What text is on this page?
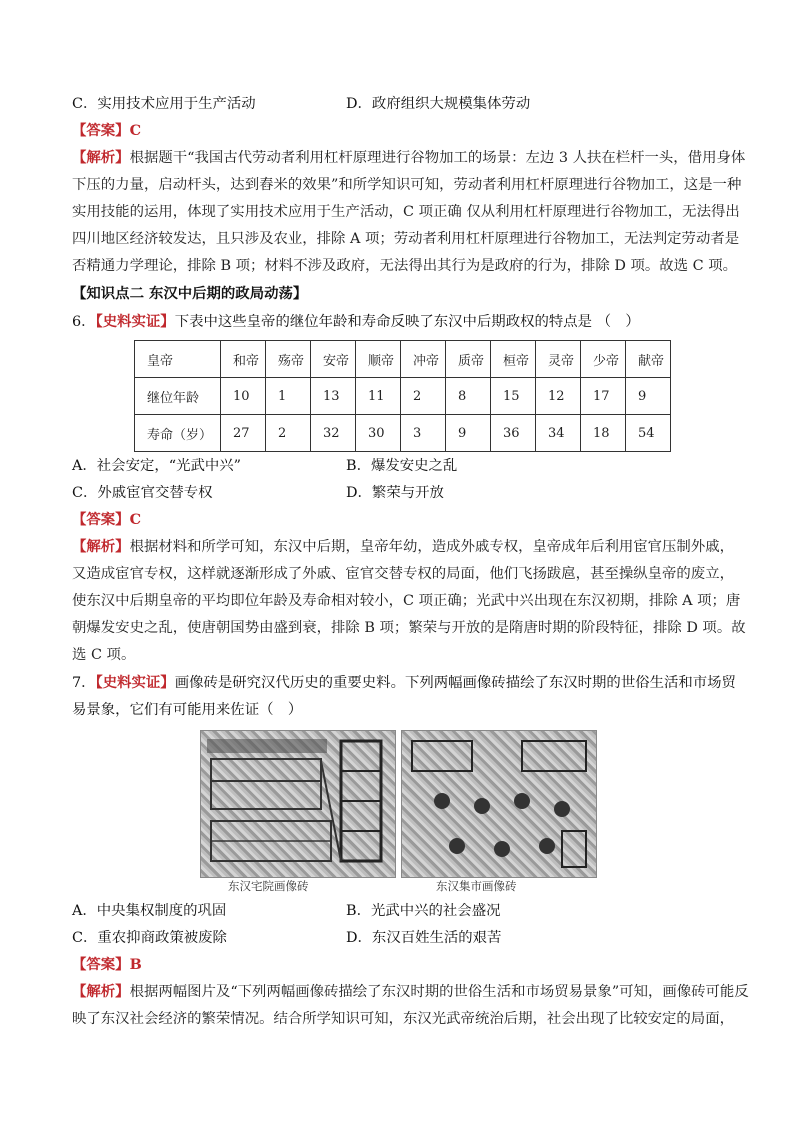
C．实用技术应用于生产活动	D．政府组织大规模集体劳动
【答案】C
【解析】根据题干“我国古代劳动者利用杠杆原理进行谷物加工的场景：左边 3 人扶在栏杆一头，借用身体
下压的力量，启动杆头，达到舂米的效果”和所学知识可知，劳动者利用杠杆原理进行谷物加工，这是一种
实用技能的运用，体现了实用技术应用于生产活动，C 项正确 仅从利用杠杆原理进行谷物加工，无法得出
四川地区经济较发达，且只涉及农业，排除 A 项；劳动者利用杠杆原理进行谷物加工，无法判定劳动者是
否精通力学理论，排除 B 项；材料不涉及政府，无法得出其行为是政府的行为，排除 D 项。故选 C 项。
【知识点二 东汉中后期的政局动荡】
6．【史料实证】下表中这些皇帝的继位年龄和寿命反映了东汉中后期政权的特点是 （　）
皇帝	和帝	殇帝	安帝	顺帝	冲帝	质帝	桓帝	灵帝	少帝	献帝
继位年龄	10	1	13	11	2	8	15	12	17	9
寿命（岁）	27	2	32	30	3	9	36	34	18	54
A．社会安定，“光武中兴”	B．爆发安史之乱
C．外戚宦官交替专权	D．繁荣与开放
【答案】C
【解析】根据材料和所学可知，东汉中后期，皇帝年幼，造成外戚专权，皇帝成年后利用宦官压制外戚，
又造成宦官专权，这样就逐渐形成了外戚、宦官交替专权的局面，他们飞扬跋扈，甚至操纵皇帝的废立，
使东汉中后期皇帝的平均即位年龄及寿命相对较小，C 项正确；光武中兴出现在东汉初期，排除 A 项；唐
朝爆发安史之乱，使唐朝国势由盛到衰，排除 B 项；繁荣与开放的是隋唐时期的阶段特征，排除 D 项。故
选 C 项。
7．【史料实证】画像砖是研究汉代历史的重要史料。下列两幅画像砖描绘了东汉时期的世俗生活和市场贸
易景象，它们有可能用来佐证（　）
东汉宅院画像砖	东汉集市画像砖
A．中央集权制度的巩固	B．光武中兴的社会盛况
C．重农抑商政策被废除	D．东汉百姓生活的艰苦
【答案】B
【解析】根据两幅图片及“下列两幅画像砖描绘了东汉时期的世俗生活和市场贸易景象”可知，画像砖可能反
映了东汉社会经济的繁荣情况。结合所学知识可知，东汉光武帝统治后期，社会出现了比较安定的局面，
